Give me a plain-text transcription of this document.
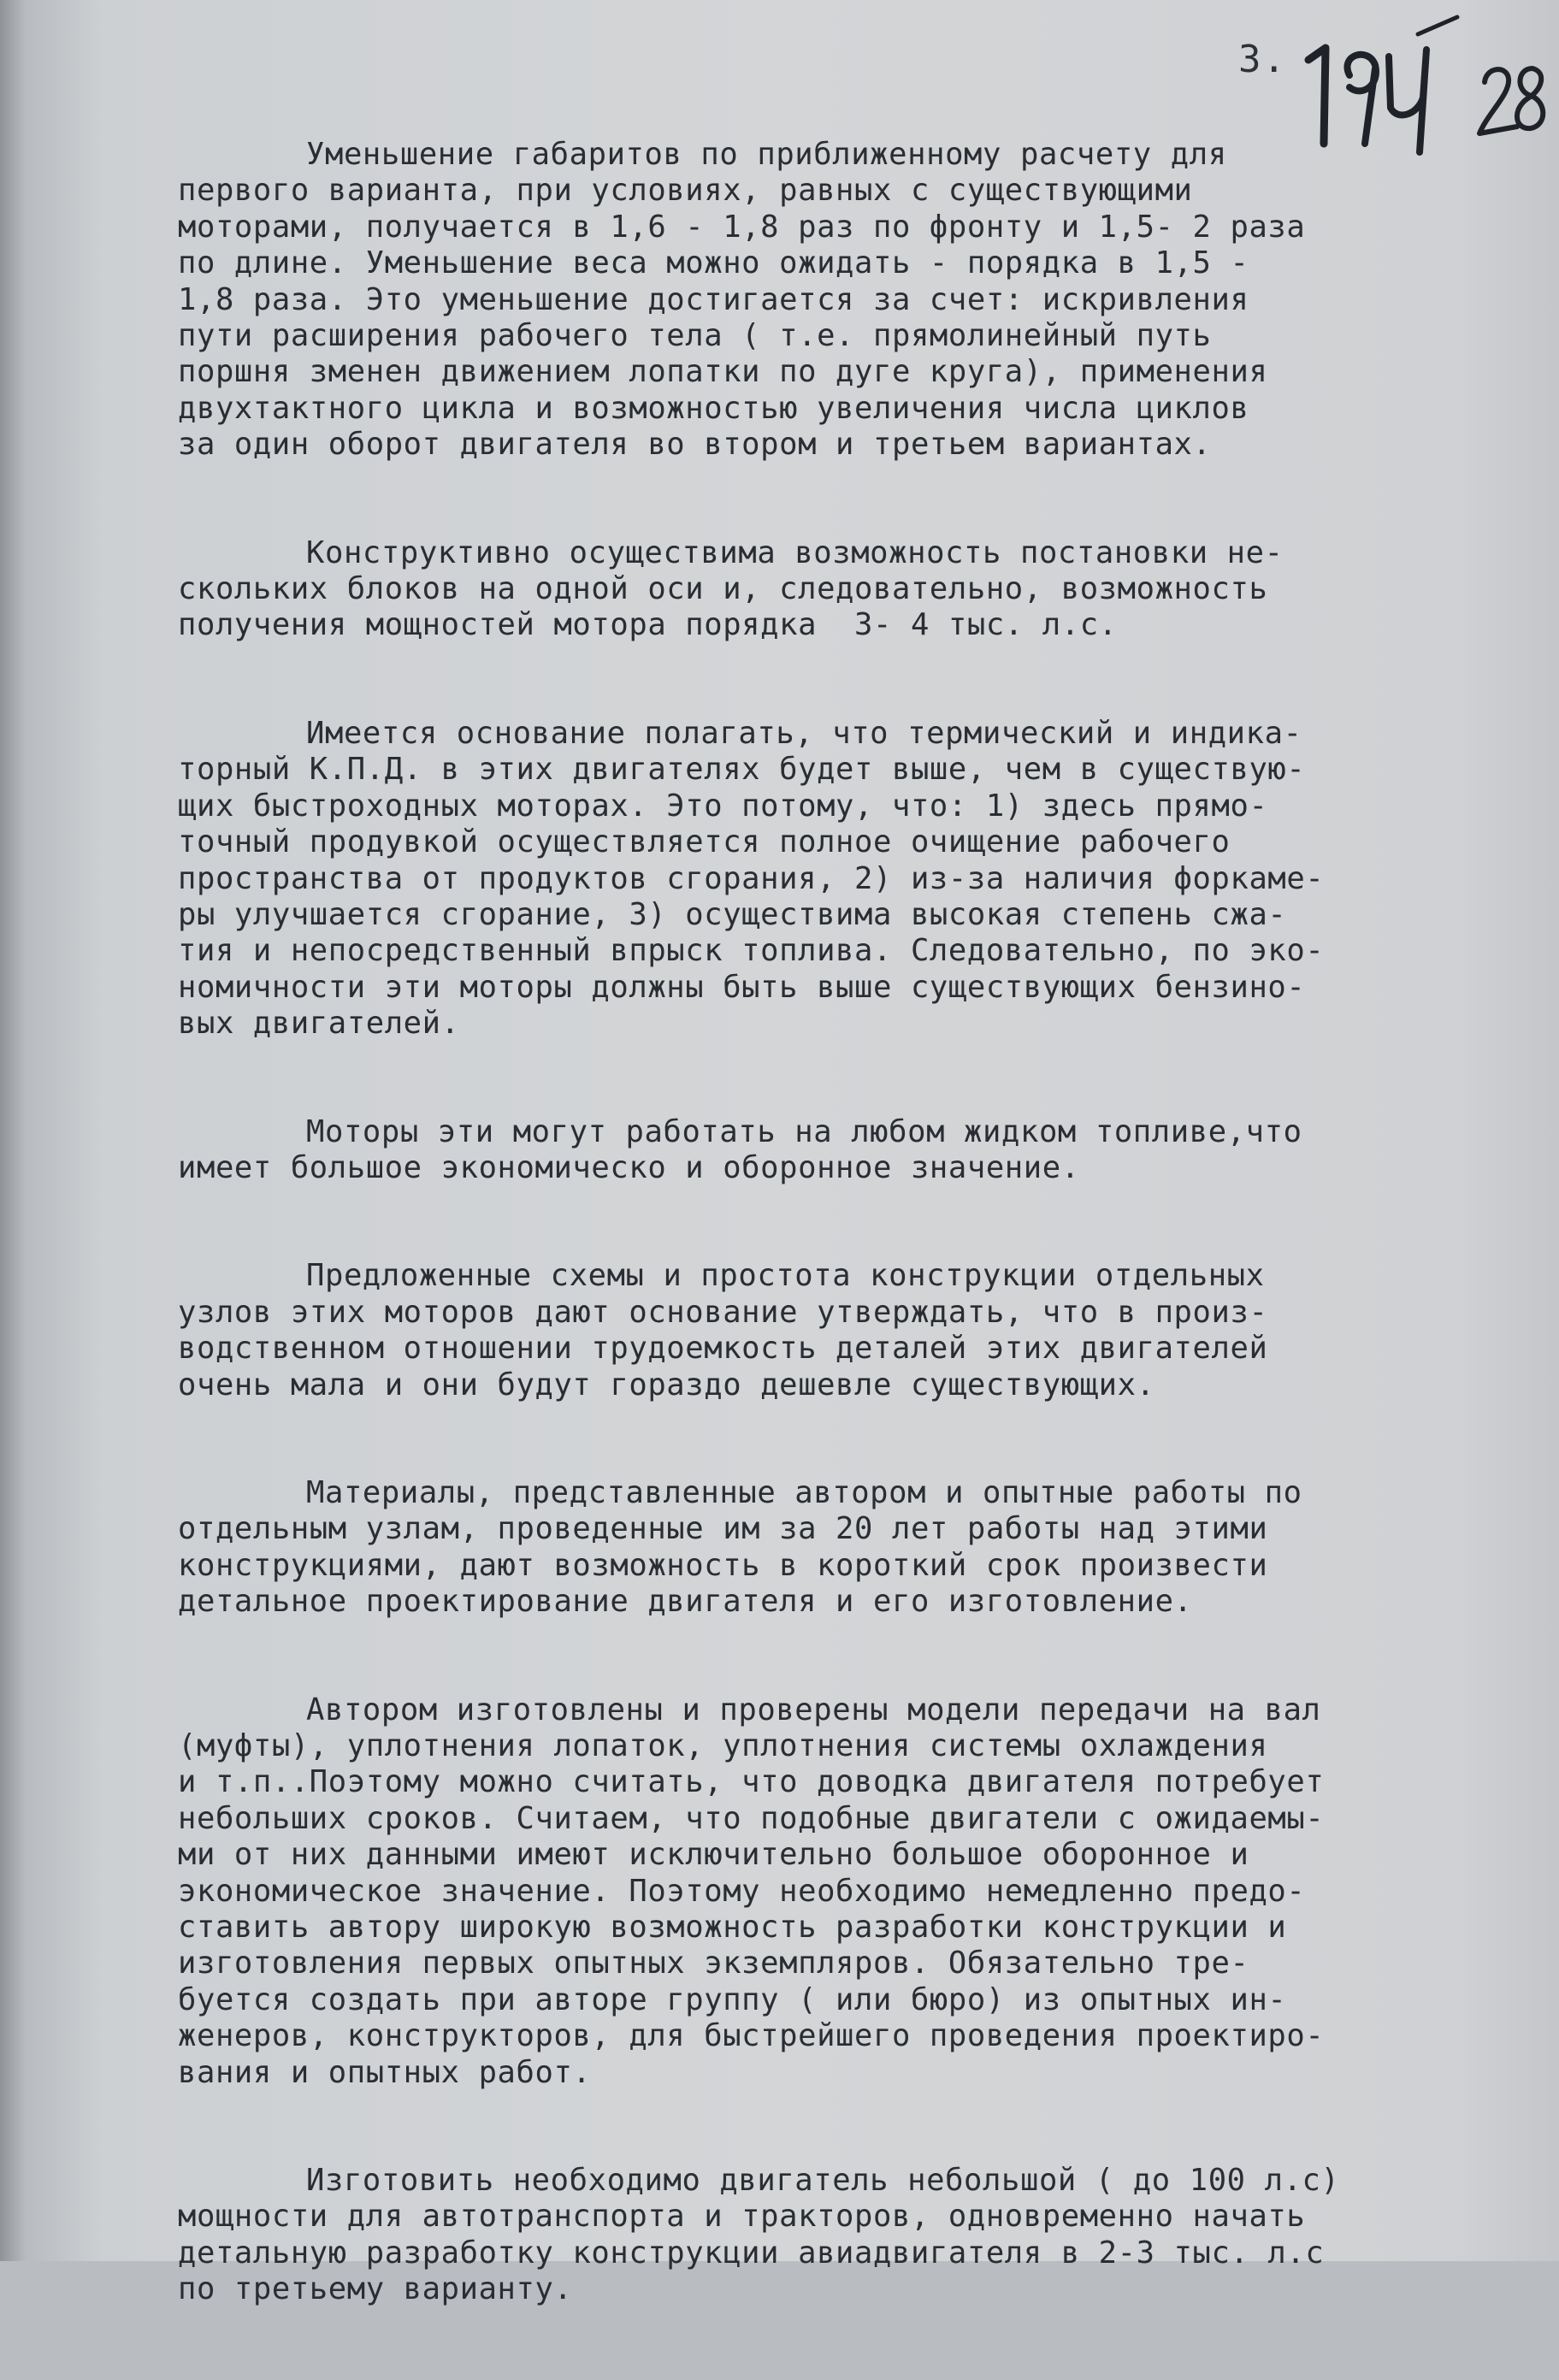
3.
Уменьшение габаритов по приближенному расчету для
первого варианта, при условиях, равных с существующими
моторами, получается в 1,6 - 1,8 раз по фронту и 1,5- 2 раза
по длине. Уменьшение веса можно ожидать - порядка в 1,5 -
1,8 раза. Это уменьшение достигается за счет: искривления
пути расширения рабочего тела ( т.е. прямолинейный путь
поршня зменен движением лопатки по дуге круга), применения
двухтактного цикла и возможностью увеличения числа циклов
за один оборот двигателя во втором и третьем вариантах.
Конструктивно осуществима возможность постановки не-
скольких блоков на одной оси и, следовательно, возможность
получения мощностей мотора порядка  3- 4 тыс. л.с.
Имеется основание полагать, что термический и индика-
торный К.П.Д. в этих двигателях будет выше, чем в существую-
щих быстроходных моторах. Это потому, что: 1) здесь прямо-
точный продувкой осуществляется полное очищение рабочего
пространства от продуктов сгорания, 2) из-за наличия форкаме-
ры улучшается сгорание, 3) осуществима высокая степень сжа-
тия и непосредственный впрыск топлива. Следовательно, по эко-
номичности эти моторы должны быть выше существующих бензино-
вых двигателей.
Моторы эти могут работать на любом жидком топливе,что
имеет большое экономическо и оборонное значение.
Предложенные схемы и простота конструкции отдельных
узлов этих моторов дают основание утверждать, что в произ-
водственном отношении трудоемкость деталей этих двигателей
очень мала и они будут гораздо дешевле существующих.
Материалы, представленные автором и опытные работы по
отдельным узлам, проведенные им за 20 лет работы над этими
конструкциями, дают возможность в короткий срок произвести
детальное проектирование двигателя и его изготовление.
Автором изготовлены и проверены модели передачи на вал
(муфты), уплотнения лопаток, уплотнения системы охлаждения
и т.п..Поэтому можно считать, что доводка двигателя потребует
небольших сроков. Считаем, что подобные двигатели с ожидаемы-
ми от них данными имеют исключительно большое оборонное и
экономическое значение. Поэтому необходимо немедленно предо-
ставить автору широкую возможность разработки конструкции и
изготовления первых опытных экземпляров. Обязательно тре-
буется создать при авторе группу ( или бюро) из опытных ин-
женеров, конструкторов, для быстрейшего проведения проектиро-
вания и опытных работ.
Изготовить необходимо двигатель небольшой ( до 100 л.с)
мощности для автотранспорта и тракторов, одновременно начать
детальную разработку конструкции авиадвигателя в 2-3 тыс. л.с
по третьему варианту.
